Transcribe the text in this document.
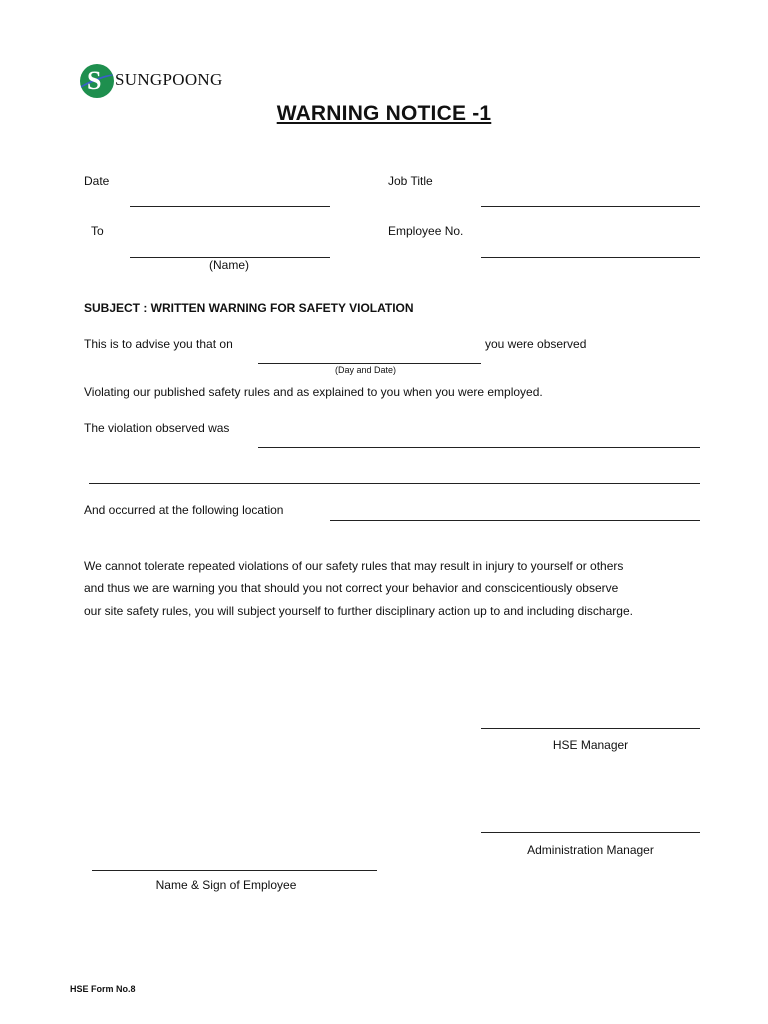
S SUNGPOONG
WARNING NOTICE -1
Date	Job Title
To
(Name)
Employee No.
SUBJECT : WRITTEN WARNING FOR SAFETY VIOLATION
This is to advise you that on	you were observed
(Day and Date)
Violating our published safety rules and as explained to you when you were employed.
The violation observed was
And occurred at the following location
We cannot tolerate repeated violations of our safety rules that may result in injury to yourself or others
and thus we are warning you that should you not correct your behavior and conscicentiously observe
our site safety rules, you will subject yourself to further disciplinary action up to and including discharge.
HSE Manager
Administration Manager
Name & Sign of Employee
HSE Form No.8
